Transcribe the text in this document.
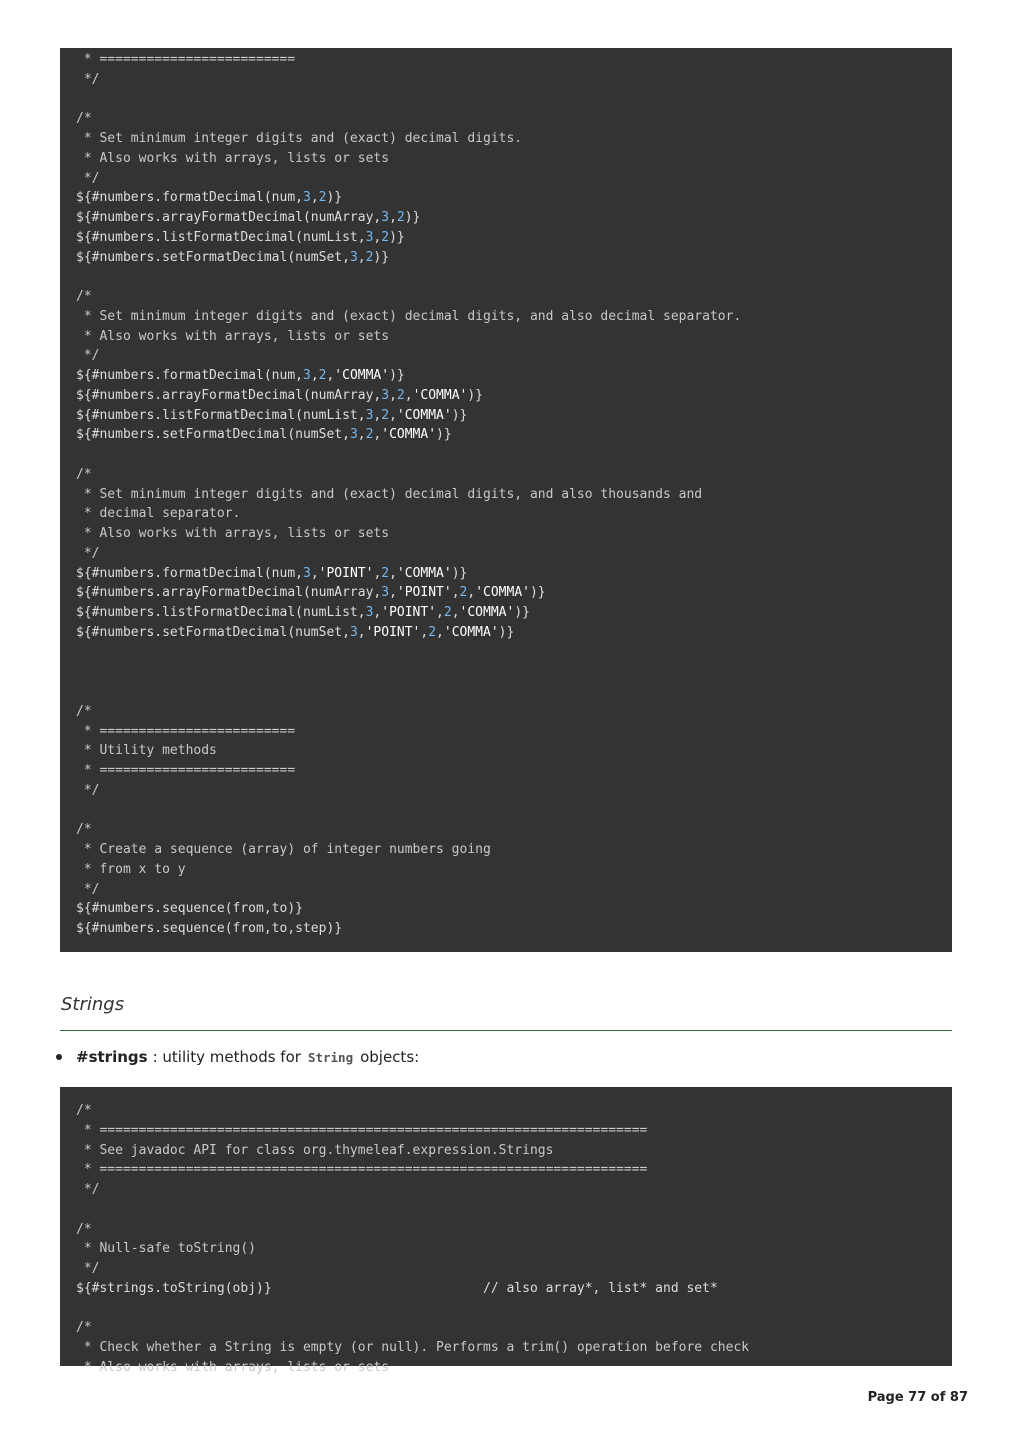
* =========================
*/
/*
* Set minimum integer digits and (exact) decimal digits.
* Also works with arrays, lists or sets
*/
${#numbers.formatDecimal(num,3,2)}
${#numbers.arrayFormatDecimal(numArray,3,2)}
${#numbers.listFormatDecimal(numList,3,2)}
${#numbers.setFormatDecimal(numSet,3,2)}
/*
* Set minimum integer digits and (exact) decimal digits, and also decimal separator.
* Also works with arrays, lists or sets
*/
${#numbers.formatDecimal(num,3,2,'COMMA')}
${#numbers.arrayFormatDecimal(numArray,3,2,'COMMA')}
${#numbers.listFormatDecimal(numList,3,2,'COMMA')}
${#numbers.setFormatDecimal(numSet,3,2,'COMMA')}
/*
* Set minimum integer digits and (exact) decimal digits, and also thousands and
* decimal separator.
* Also works with arrays, lists or sets
*/
${#numbers.formatDecimal(num,3,'POINT',2,'COMMA')}
${#numbers.arrayFormatDecimal(numArray,3,'POINT',2,'COMMA')}
${#numbers.listFormatDecimal(numList,3,'POINT',2,'COMMA')}
${#numbers.setFormatDecimal(numSet,3,'POINT',2,'COMMA')}
/*
* =========================
* Utility methods
* =========================
*/
/*
* Create a sequence (array) of integer numbers going
* from x to y
*/
${#numbers.sequence(from,to)}
${#numbers.sequence(from,to,step)}
Strings
#strings : utility methods for String objects:
/*
* ======================================================================
* See javadoc API for class org.thymeleaf.expression.Strings
* ======================================================================
*/
/*
* Null-safe toString()
*/
${#strings.toString(obj)}                           // also array*, list* and set*
/*
* Check whether a String is empty (or null). Performs a trim() operation before check
* Also works with arrays, lists or sets
Page 77 of 87
